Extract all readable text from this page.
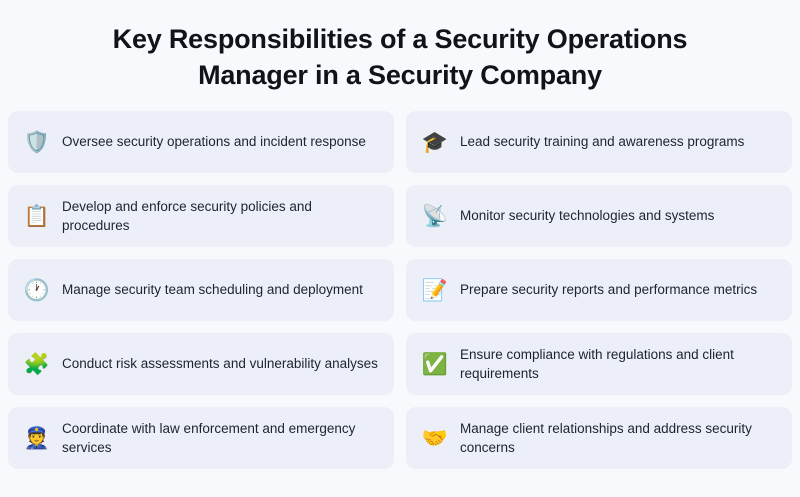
Key Responsibilities of a Security Operations Manager in a Security Company
🛡️ Oversee security operations and incident response	🎓 Lead security training and awareness programs
📋 Develop and enforce security policies and procedures	📡 Monitor security technologies and systems
🕐 Manage security team scheduling and deployment	📝 Prepare security reports and performance metrics
🧩 Conduct risk assessments and vulnerability analyses ✅ Ensure compliance with regulations and client requirements
👮 Coordinate with law enforcement and emergency services	🤝 Manage client relationships and address security concerns
